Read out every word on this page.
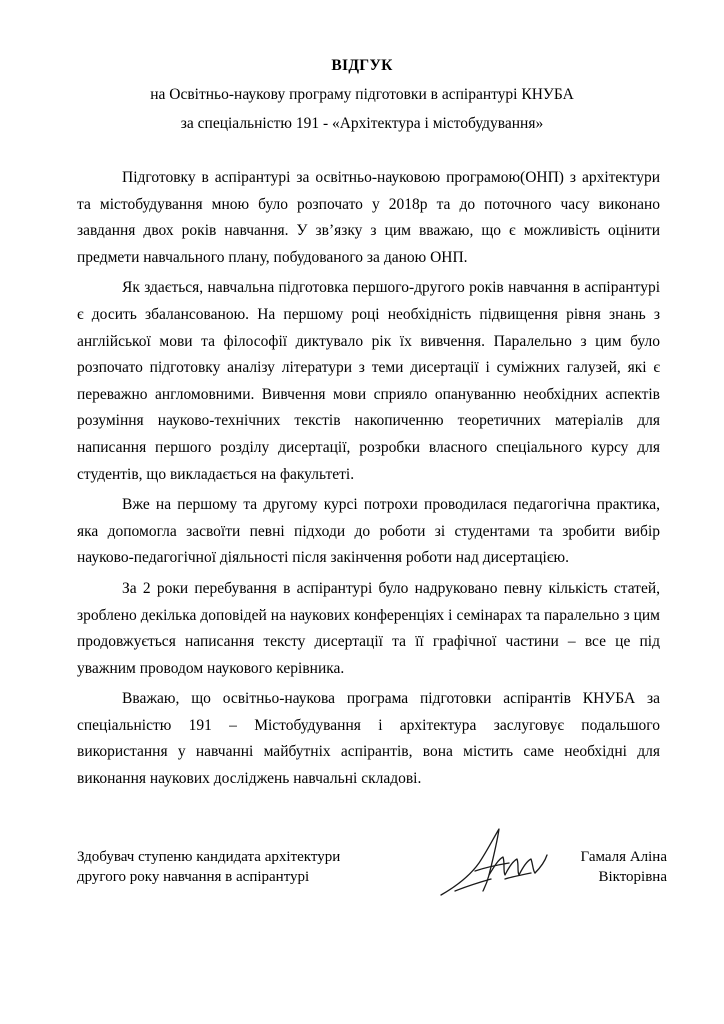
ВІДГУК
на Освітньо-наукову програму підготовки в аспірантурі КНУБА
за спеціальністю 191 - «Архітектура і містобудування»

Підготовку в аспірантурі за освітньо-науковою програмою(ОНП) з архітектури та містобудування мною було розпочато у 2018р та до поточного часу виконано завдання двох років навчання. У зв’язку з цим вважаю, що є можливість оцінити предмети навчального плану, побудованого за даною ОНП.

Як здається, навчальна підготовка першого-другого років навчання в аспірантурі є досить збалансованою. На першому році необхідність підвищення рівня знань з англійської мови та філософії диктувало рік їх вивчення. Паралельно з цим було розпочато підготовку аналізу літератури з теми дисертації і суміжних галузей, які є переважно англомовними. Вивчення мови сприяло опануванню необхідних аспектів розуміння науково-технічних текстів накопиченню теоретичних матеріалів для написання першого розділу дисертації, розробки власного спеціального курсу для студентів, що викладається на факультеті.

Вже на першому та другому курсі потрохи проводилася педагогічна практика, яка допомогла засвоїти певні підходи до роботи зі студентами та зробити вибір науково-педагогічної діяльності після закінчення роботи над дисертацією.

За 2 роки перебування в аспірантурі було надруковано певну кількість статей, зроблено декілька доповідей на наукових конференціях і семінарах та паралельно з цим продовжується написання тексту дисертації та її графічної частини – все це під уважним проводом наукового керівника.

Вважаю, що освітньо-наукова програма підготовки аспірантів КНУБА за спеціальністю 191 – Містобудування і архітектура заслуговує подальшого використання у навчанні майбутніх аспірантів, вона містить саме необхідні для виконання наукових досліджень навчальні складові.

Здобувач ступеню кандидата архітектури
другого року навчання в аспірантурі
Гамаля Аліна
Вікторівна
